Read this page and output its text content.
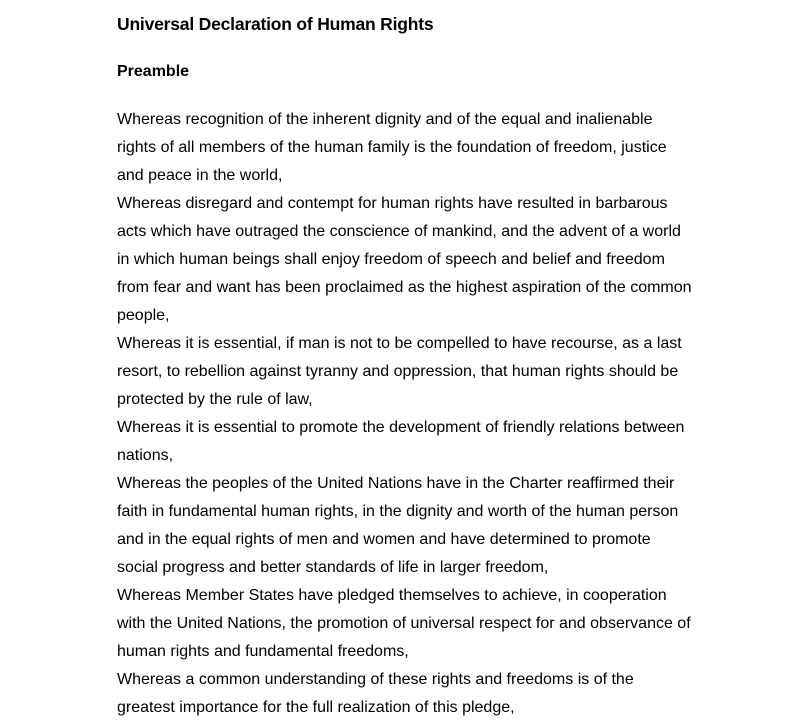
Universal Declaration of Human Rights
Preamble
Whereas recognition of the inherent dignity and of the equal and inalienable
rights of all members of the human family is the foundation of freedom, justice
and peace in the world,
Whereas disregard and contempt for human rights have resulted in barbarous
acts which have outraged the conscience of mankind, and the advent of a world
in which human beings shall enjoy freedom of speech and belief and freedom
from fear and want has been proclaimed as the highest aspiration of the common
people,
Whereas it is essential, if man is not to be compelled to have recourse, as a last
resort, to rebellion against tyranny and oppression, that human rights should be
protected by the rule of law,
Whereas it is essential to promote the development of friendly relations between
nations,
Whereas the peoples of the United Nations have in the Charter reaffirmed their
faith in fundamental human rights, in the dignity and worth of the human person
and in the equal rights of men and women and have determined to promote
social progress and better standards of life in larger freedom,
Whereas Member States have pledged themselves to achieve, in cooperation
with the United Nations, the promotion of universal respect for and observance of
human rights and fundamental freedoms,
Whereas a common understanding of these rights and freedoms is of the
greatest importance for the full realization of this pledge,
